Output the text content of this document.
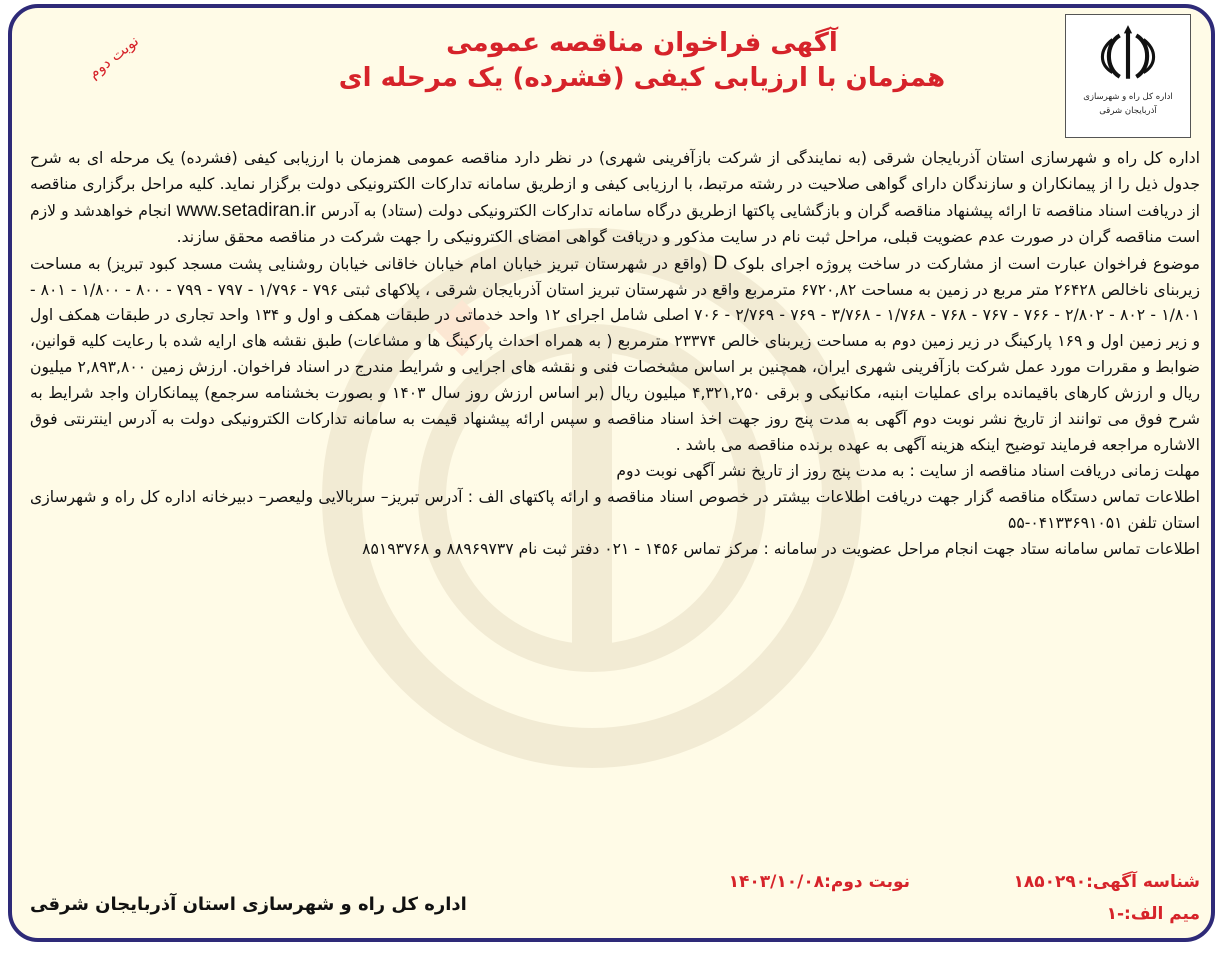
اداره کل راه و شهرسازی
آذربایجان شرقی
آگهی فراخوان مناقصه عمومی
همزمان با ارزیابی کیفی (فشرده) یک مرحله ای
نوبت دوم

اداره کل راه و شهرسازی استان آذربایجان شرقی (به نمایندگی از شرکت بازآفرینی شهری) در نظر دارد مناقصه عمومی همزمان با ارزیابی کیفی (فشرده) یک مرحله ای به شرح جدول ذیل را از پیمانکاران و سازندگان دارای گواهی صلاحیت در رشته مرتبط، با ارزیابی کیفی و ازطریق سامانه تدارکات الکترونیکی دولت برگزار نماید. کلیه مراحل برگزاری مناقصه از دریافت اسناد مناقصه تا ارائه پیشنهاد مناقصه گران و بازگشایی پاکتها ازطریق درگاه سامانه تدارکات الکترونیکی دولت (ستاد) به آدرس www.setadiran.ir انجام خواهدشد و لازم است مناقصه گران در صورت عدم عضویت قبلی، مراحل ثبت نام در سایت مذکور و دریافت گواهی امضای الکترونیکی را جهت شرکت در مناقصه محقق سازند.

موضوع فراخوان عبارت است از مشارکت در ساخت پروژه اجرای بلوک D (واقع در شهرستان تبریز خیابان امام خیابان خاقانی خیابان روشنایی پشت مسجد کبود تبریز) به مساحت زیربنای ناخالص ۲۶۴۲۸ متر مربع در زمین به مساحت ۶۷۲۰,۸۲ مترمربع واقع در شهرستان تبریز استان آذربایجان شرقی ، پلاکهای ثبتی ۷۹۶ - ۱/۷۹۶ - ۷۹۷ - ۷۹۹ - ۸۰۰ - ۱/۸۰۰ - ۸۰۱ - ۱/۸۰۱ - ۸۰۲ - ۲/۸۰۲ - ۷۶۶ - ۷۶۷ - ۷۶۸ - ۱/۷۶۸ - ۳/۷۶۸ - ۷۶۹ - ۲/۷۶۹ - ۷۰۶ اصلی شامل اجرای ۱۲ واحد خدماتی در طبقات همکف و اول و ۱۳۴ واحد تجاری در طبقات همکف اول و زیر زمین اول و ۱۶۹ پارکینگ در زیر زمین دوم به مساحت زیربنای خالص ۲۳۳۷۴ مترمربع ( به همراه احداث پارکینگ ها و مشاعات) طبق نقشه های ارایه شده با رعایت کلیه قوانین، ضوابط و مقررات مورد عمل شرکت بازآفرینی شهری ایران، همچنین بر اساس مشخصات فنی و نقشه های اجرایی و شرایط مندرج در اسناد فراخوان. ارزش زمین ۲,۸۹۳,۸۰۰ میلیون ریال و ارزش کارهای باقیمانده برای عملیات ابنیه، مکانیکی و برقی ۴,۳۲۱,۲۵۰ میلیون ریال (بر اساس ارزش روز سال ۱۴۰۳ و بصورت بخشنامه سرجمع) پیمانکاران واجد شرایط به شرح فوق می توانند از تاریخ نشر نوبت دوم آگهی به مدت پنج روز جهت اخذ اسناد مناقصه و سپس ارائه پیشنهاد قیمت به سامانه تدارکات الکترونیکی دولت به آدرس اینترنتی فوق الاشاره مراجعه فرمایند توضیح اینکه هزینه آگهی به عهده برنده مناقصه می باشد .

مهلت زمانی دریافت اسناد مناقصه از سایت : به مدت پنج روز از تاریخ نشر آگهی نوبت دوم

اطلاعات تماس دستگاه مناقصه گزار جهت دریافت اطلاعات بیشتر در خصوص اسناد مناقصه و ارائه پاکتهای الف : آدرس تبریز– سربالایی ولیعصر– دبیرخانه اداره کل راه و شهرسازی استان تلفن ۰۴۱۳۳۶۹۱۰۵۱-۵۵

اطلاعات تماس سامانه ستاد جهت انجام مراحل عضویت در سامانه : مرکز تماس ۱۴۵۶ - ۰۲۱ دفتر ثبت نام ۸۸۹۶۹۷۳۷ و ۸۵۱۹۳۷۶۸

شناسه آگهی:۱۸۵۰۲۹۰
میم الف:-۱
نوبت دوم:۱۴۰۳/۱۰/۰۸
اداره کل راه و شهرسازی استان آذربایجان شرقی
